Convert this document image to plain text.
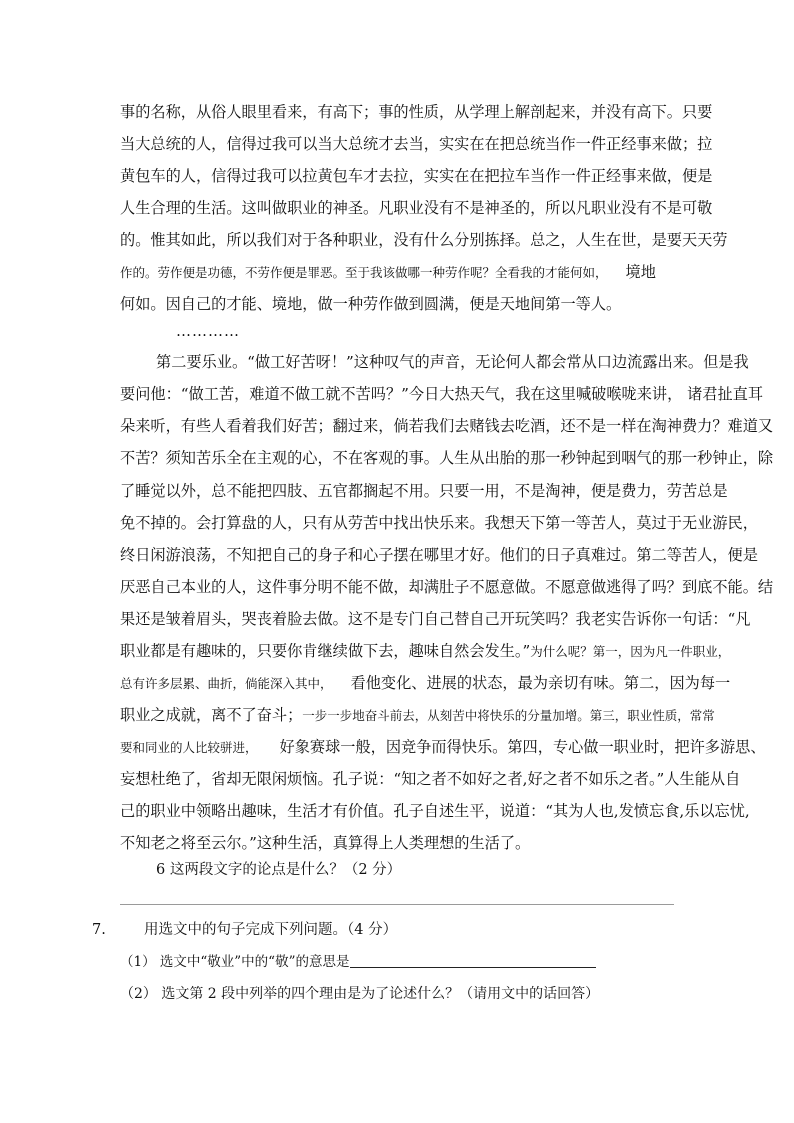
事的名称，从俗人眼里看来，有高下；事的性质，从学理上解剖起来，并没有高下。只要
当大总统的人，信得过我可以当大总统才去当，实实在在把总统当作一件正经事来做；拉
黄包车的人，信得过我可以拉黄包车才去拉，实实在在把拉车当作一件正经事来做，便是
人生合理的生活。这叫做职业的神圣。凡职业没有不是神圣的，所以凡职业没有不是可敬
的。惟其如此，所以我们对于各种职业，没有什么分别拣择。总之，人生在世，是要天天劳
作的。劳作便是功德，不劳作便是罪恶。至于我该做哪一种劳作呢？全看我的才能何如， 境地
何如。因自己的才能、境地，做一种劳作做到圆满，便是天地间第一等人。
…………
第二要乐业。“做工好苦呀！”这种叹气的声音，无论何人都会常从口边流露出来。但是我
要问他：“做工苦，难道不做工就不苦吗？”今日大热天气，我在这里喊破喉咙来讲， 诸君扯直耳
朵来听，有些人看着我们好苦；翻过来，倘若我们去赌钱去吃酒，还不是一样在淘神费力？难道又
不苦？须知苦乐全在主观的心，不在客观的事。人生从出胎的那一秒钟起到咽气的那一秒钟止，除
了睡觉以外，总不能把四肢、五官都搁起不用。只要一用，不是淘神，便是费力，劳苦总是
免不掉的。会打算盘的人，只有从劳苦中找出快乐来。我想天下第一等苦人，莫过于无业游民，
终日闲游浪荡，不知把自己的身子和心子摆在哪里才好。他们的日子真难过。第二等苦人，便是
厌恶自己本业的人，这件事分明不能不做，却满肚子不愿意做。不愿意做逃得了吗？到底不能。结
果还是皱着眉头，哭丧着脸去做。这不是专门自己替自己开玩笑吗？我老实告诉你一句话：“凡
职业都是有趣味的，只要你肯继续做下去，趣味自然会发生。”为什么呢？第一，因为凡一件职业，
总有许多层累、曲折，倘能深入其中， 看他变化、进展的状态，最为亲切有味。第二，因为每一
职业之成就，离不了奋斗；一步一步地奋斗前去，从刻苦中将快乐的分量加增。第三，职业性质，常常
要和同业的人比较骈进， 好象赛球一般，因竞争而得快乐。第四，专心做一职业时，把许多游思、
妄想杜绝了，省却无限闲烦恼。孔子说：“知之者不如好之者,好之者不如乐之者。”人生能从自
己的职业中领略出趣味，生活才有价值。孔子自述生平，说道：“其为人也,发愤忘食,乐以忘忧,
不知老之将至云尔。”这种生活，真算得上人类理想的生活了。
6 这两段文字的论点是什么？（2 分）
7.	用选文中的句子完成下列问题。（4 分）
（1） 选文中“敬业”中的“敬”的意思是
（2） 选文第 2 段中列举的四个理由是为了论述什么？（请用文中的话回答）
